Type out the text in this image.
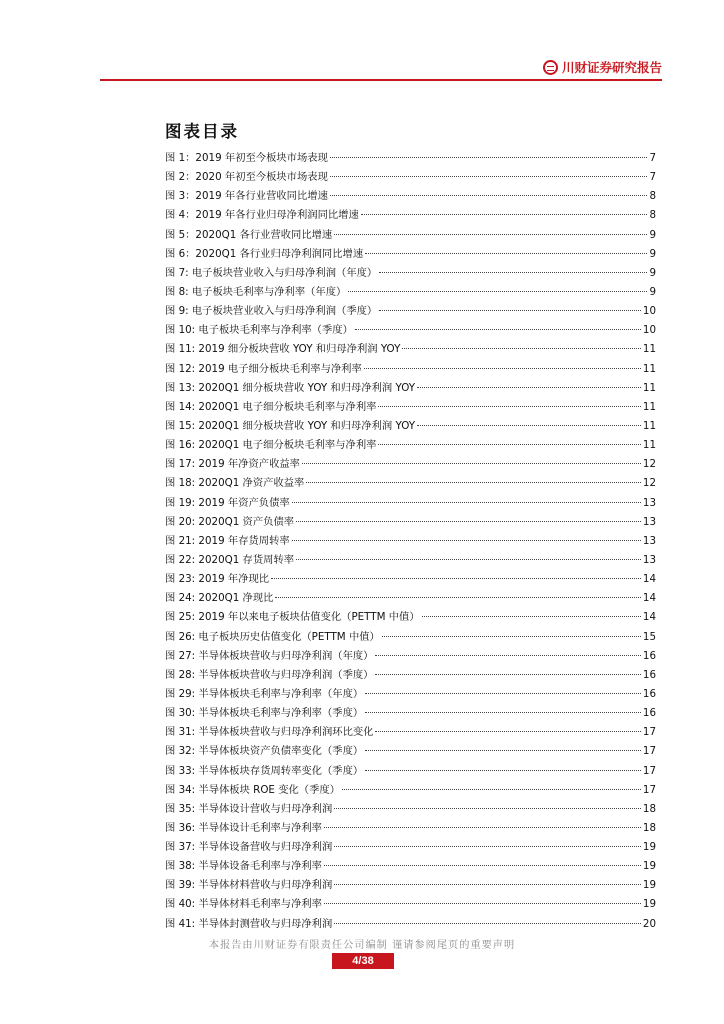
川财证券研究报告
图表目录
图 1：2019 年初至今板块市场表现	7
图 2：2020 年初至今板块市场表现	7
图 3：2019 年各行业营收同比增速	8
图 4：2019 年各行业归母净利润同比增速	8
图 5：2020Q1 各行业营收同比增速	9
图 6：2020Q1 各行业归母净利润同比增速	9
图 7: 电子板块营业收入与归母净利润（年度）	9
图 8: 电子板块毛利率与净利率（年度）	9
图 9: 电子板块营业收入与归母净利润（季度）	10
图 10: 电子板块毛利率与净利率（季度）	10
图 11: 2019 细分板块营收 YOY 和归母净利润 YOY	11
图 12: 2019 电子细分板块毛利率与净利率	11
图 13: 2020Q1 细分板块营收 YOY 和归母净利润 YOY	11
图 14: 2020Q1 电子细分板块毛利率与净利率	11
图 15: 2020Q1 细分板块营收 YOY 和归母净利润 YOY	11
图 16: 2020Q1 电子细分板块毛利率与净利率	11
图 17: 2019 年净资产收益率	12
图 18: 2020Q1 净资产收益率	12
图 19: 2019 年资产负债率	13
图 20: 2020Q1 资产负债率	13
图 21: 2019 年存货周转率	13
图 22: 2020Q1 存货周转率	13
图 23: 2019 年净现比	14
图 24: 2020Q1 净现比	14
图 25: 2019 年以来电子板块估值变化（PETTM 中值）	14
图 26: 电子板块历史估值变化（PETTM 中值）	15
图 27: 半导体板块营收与归母净利润（年度）	16
图 28: 半导体板块营收与归母净利润（季度）	16
图 29: 半导体板块毛利率与净利率（年度）	16
图 30: 半导体板块毛利率与净利率（季度）	16
图 31: 半导体板块营收与归母净利润环比变化	17
图 32: 半导体板块资产负债率变化（季度）	17
图 33: 半导体板块存货周转率变化（季度）	17
图 34: 半导体板块 ROE 变化（季度）	17
图 35: 半导体设计营收与归母净利润	18
图 36: 半导体设计毛利率与净利率	18
图 37: 半导体设备营收与归母净利润	19
图 38: 半导体设备毛利率与净利率	19
图 39: 半导体材料营收与归母净利润	19
图 40: 半导体材料毛利率与净利率	19
图 41: 半导体封测营收与归母净利润	20
本报告由川财证券有限责任公司编制 谨请参阅尾页的重要声明
4/38
